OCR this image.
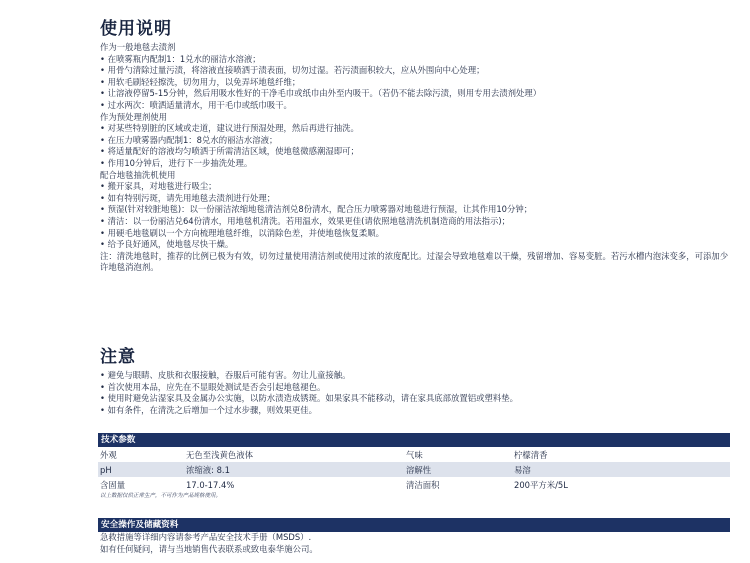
使用说明
作为一般地毯去渍剂
• 在喷雾瓶内配制1：1兑水的丽洁水溶液；
• 用骨勺清除过量污渍，将溶液直接喷洒于渍表面，切勿过湿。若污渍面积较大，应从外围向中心处理；
• 用软毛刷轻轻擦洗，切勿用力，以免弄坏地毯纤维；
• 让溶液停留5-15分钟，然后用吸水性好的干净毛巾或纸巾由外至内吸干。（若仍不能去除污渍，则用专用去渍剂处理）
• 过水两次：喷洒适量清水，用干毛巾或纸巾吸干。
作为预处理剂使用
• 对某些特别脏的区域或走道，建议进行预湿处理，然后再进行抽洗。
• 在压力喷雾器内配制1：8兑水的丽洁水溶液；
• 将适量配好的溶液均匀喷洒于所需清洁区域，使地毯微感潮湿即可；
• 作用10分钟后，进行下一步抽洗处理。
配合地毯抽洗机使用
• 搬开家具，对地毯进行吸尘；
• 如有特别污斑，请先用地毯去渍剂进行处理；
• 预湿(针对较脏地毯)：以一份丽洁浓缩地毯清洁剂兑8份清水，配合压力喷雾器对地毯进行预湿，让其作用10分钟；
• 清洁：以一份丽洁兑64份清水，用地毯机清洗。若用温水，效果更佳(请依照地毯清洗机制造商的用法指示)；
• 用硬毛地毯刷以一个方向梳理地毯纤维，以消除色差，并使地毯恢复柔顺。
• 给予良好通风，使地毯尽快干燥。
注：清洗地毯时，推荐的比例已极为有效，切勿过量使用清洁剂或使用过浓的浓度配比。过湿会导致地毯难以干燥，残留增加、容易变脏。若污水槽内泡沫变多，可添加少许地毯消泡剂。
注意
• 避免与眼睛、皮肤和衣服接触，吞服后可能有害。勿让儿童接触。
• 首次使用本品，应先在不显眼处测试是否会引起地毯褪色。
• 使用时避免沾湿家具及金属办公实施，以防水渍造成锈斑。如果家具不能移动，请在家具底部放置铝或塑料垫。
• 如有条件，在清洗之后增加一个过水步骤，则效果更佳。
技术参数
外观	无色至浅黄色液体	气味	柠檬清香
pH	浓缩液: 8.1	溶解性	易溶
含固量	17.0-17.4%	清洁面积	200平方米/5L
以上数据仅供正常生产，不可作为产品规格使用。
安全操作及储藏资料
急救措施等详细内容请参考产品安全技术手册（MSDS）.
如有任何疑问，请与当地销售代表联系或致电泰华施公司。
